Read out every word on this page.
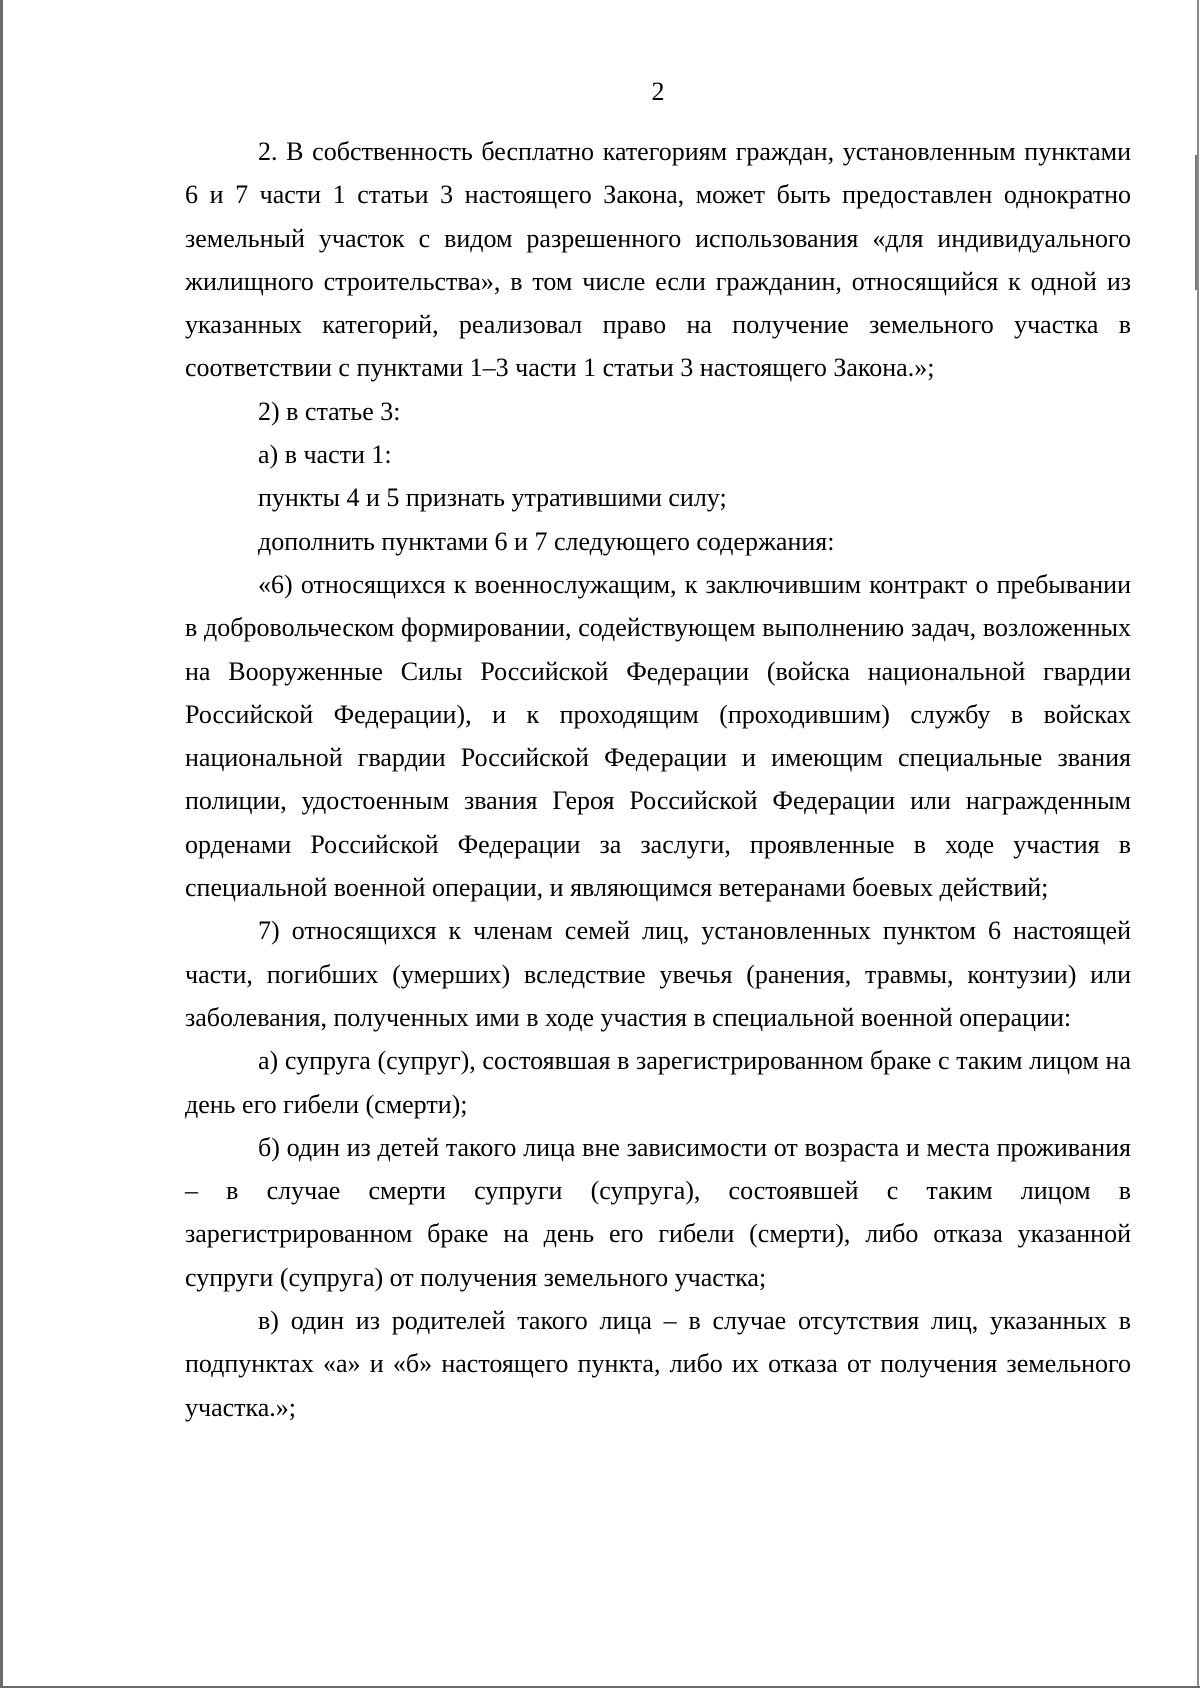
2

2. В собственность бесплатно категориям граждан, установленным пунктами 6 и 7 части 1 статьи 3 настоящего Закона, может быть предоставлен однократно земельный участок с видом разрешенного использования «для индивидуального жилищного строительства», в том числе если гражданин, относящийся к одной из указанных категорий, реализовал право на получение земельного участка в соответствии с пунктами 1–3 части 1 статьи 3 настоящего Закона.»;

2) в статье 3:

а) в части 1:

пункты 4 и 5 признать утратившими силу;

дополнить пунктами 6 и 7 следующего содержания:

«6) относящихся к военнослужащим, к заключившим контракт о пребывании в добровольческом формировании, содействующем выполнению задач, возложенных на Вооруженные Силы Российской Федерации (войска национальной гвардии Российской Федерации), и к проходящим (проходившим) службу в войсках национальной гвардии Российской Федерации и имеющим специальные звания полиции, удостоенным звания Героя Российской Федерации или награжденным орденами Российской Федерации за заслуги, проявленные в ходе участия в специальной военной операции, и являющимся ветеранами боевых действий;

7) относящихся к членам семей лиц, установленных пунктом 6 настоящей части, погибших (умерших) вследствие увечья (ранения, травмы, контузии) или заболевания, полученных ими в ходе участия в специальной военной операции:

а) супруга (супруг), состоявшая в зарегистрированном браке с таким лицом на день его гибели (смерти);

б) один из детей такого лица вне зависимости от возраста и места проживания – в случае смерти супруги (супруга), состоявшей с таким лицом в зарегистрированном браке на день его гибели (смерти), либо отказа указанной супруги (супруга) от получения земельного участка;

в) один из родителей такого лица – в случае отсутствия лиц, указанных в подпунктах «а» и «б» настоящего пункта, либо их отказа от получения земельного участка.»;
